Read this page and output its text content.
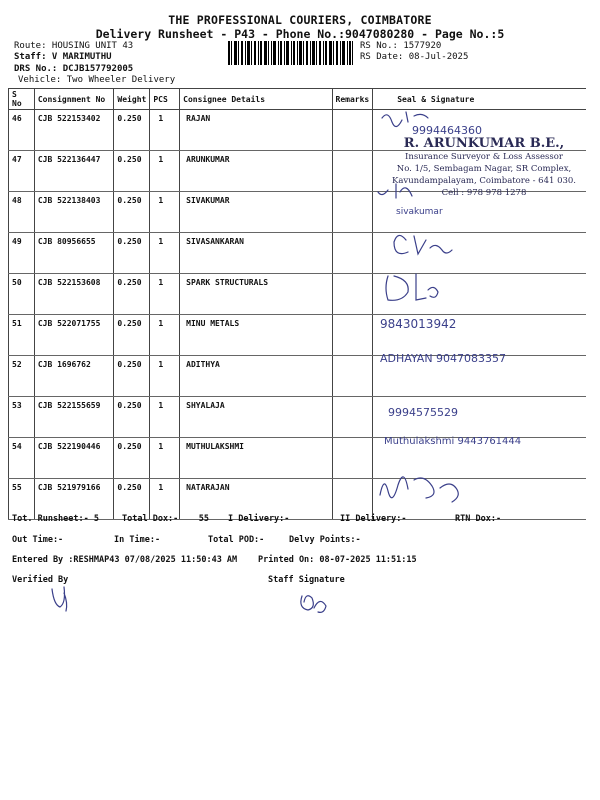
THE PROFESSIONAL COURIERS, COIMBATORE
Delivery Runsheet - P43 - Phone No.:9047080280 - Page No.:5
Route: HOUSING UNIT 43
Staff: V MARIMUTHU
DRS No.: DCJB157792005
Vehicle: Two Wheeler Delivery
RS No.: 1577920
RS Date: 08-Jul-2025
S No	Consignment No	Weight	PCS	Consignee Details	Remarks	Seal & Signature
46	CJB 522153402	0.250	1	RAJAN		
47	CJB 522136447	0.250	1	ARUNKUMAR		
48	CJB 522138403	0.250	1	SIVAKUMAR		
49	CJB 80956655	0.250	1	SIVASANKARAN		
50	CJB 522153608	0.250	1	SPARK STRUCTURALS		
51	CJB 522071755	0.250	1	MINU METALS		
52	CJB 1696762	0.250	1	ADITHYA		
53	CJB 522155659	0.250	1	SHYALAJA		
54	CJB 522190446	0.250	1	MUTHULAKSHMI		
55	CJB 521979166	0.250	1	NATARAJAN		
R. ARUNKUMAR B.E.,
Insurance Surveyor & Loss Assessor
No. 1/5, Sembagam Nagar, SR Complex,
Kavundampalayam, Coimbatore - 641 030.
Cell : 978 978 1278
9994464360
sivakumar
9843013942
ADHAYAN 9047083357
9994575529
Muthulakshmi 9443761444
Tot. Runsheet:- 5	Total Dox:-    55 I Delivery:-	II Delivery:-	RTN Dox:-
Out Time:-	In Time:-	Total POD:-	Delvy Points:-
Entered By :RESHMAP43 07/08/2025 11:50:43 AM Printed On: 08-07-2025 11:51:15
Verified By	Staff Signature
